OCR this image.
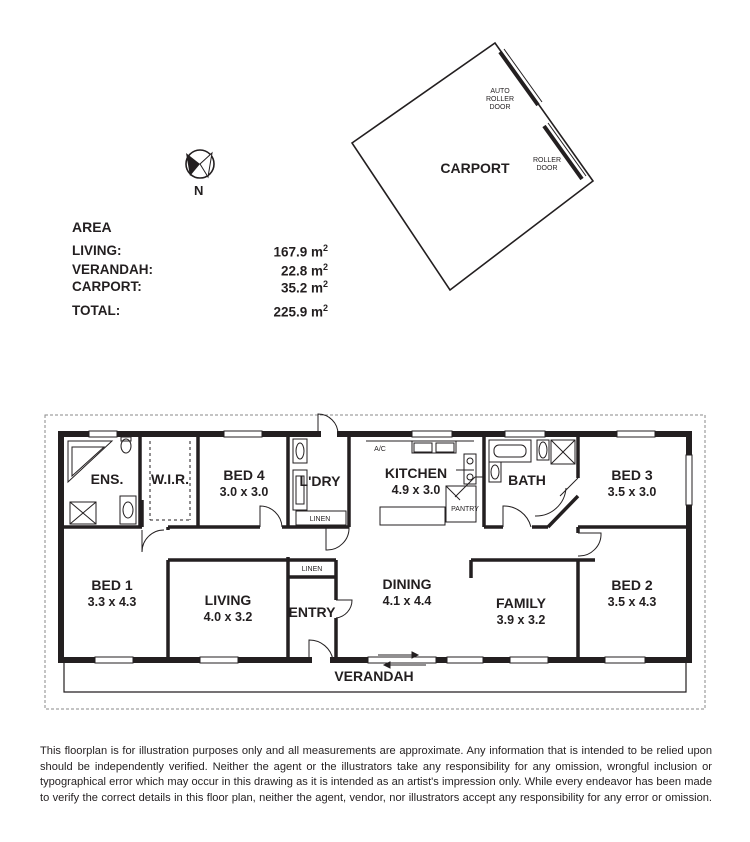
N
AREA
LIVING:	167.9 $m^2$
VERANDAH:	22.8 $m^2$
CARPORT:	35.2 $m^2$
TOTAL:	225.9 $m^2$
AUTO
ROLLER
DOOR
ROLLER
DOOR
CARPORT
ENS. W.I.R. BED 4
3.0 x 3.0
L'DRY	KITCHEN
4.9 x 3.0
BATH	BED 3
3.5 x 3.0
BED 1
3.3 x 4.3	LIVING
4.0 x 3.2	ENTRY
DINING
4.1 x 4.4	FAMILY
3.9 x 3.2
BED 2
3.5 x 4.3
VERANDAH
LINEN
LINEN
PANTRY
A/C
This floorplan is for illustration purposes only and all measurements are approximate. Any information that is intended to be relied upon should be independently verified. Neither the agent or the illustrators take any responsibility for any omission, wrongful inclusion or typographical error which may occur in this drawing as it is intended as an artist's impression only. While every endeavor has been made to verify the correct details in this floor plan, neither the agent, vendor, nor illustrators accept any responsibility for any error or omission.
